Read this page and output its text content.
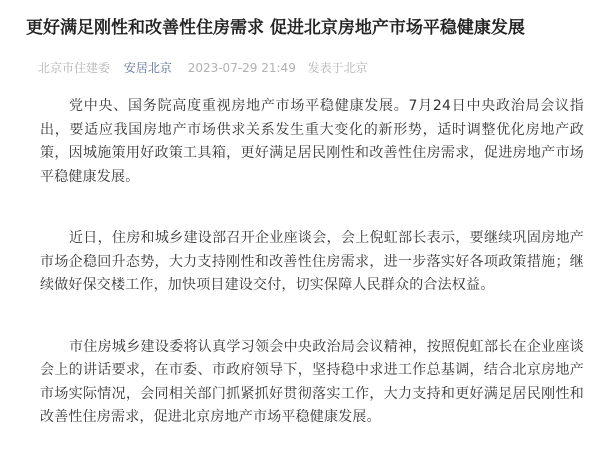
更好满足刚性和改善性住房需求 促进北京房地产市场平稳健康发展
北京市住建委 安居北京 2023-07-29 21:49 发表于北京

党中央、国务院高度重视房地产市场平稳健康发展。7月24日中央政治局会议指出，要适应我国房地产市场供求关系发生重大变化的新形势，适时调整优化房地产政策，因城施策用好政策工具箱，更好满足居民刚性和改善性住房需求，促进房地产市场平稳健康发展。

近日，住房和城乡建设部召开企业座谈会，会上倪虹部长表示，要继续巩固房地产市场企稳回升态势，大力支持刚性和改善性住房需求，进一步落实好各项政策措施；继续做好保交楼工作，加快项目建设交付，切实保障人民群众的合法权益。

市住房城乡建设委将认真学习领会中央政治局会议精神，按照倪虹部长在企业座谈会上的讲话要求，在市委、市政府领导下，坚持稳中求进工作总基调，结合北京房地产市场实际情况，会同相关部门抓紧抓好贯彻落实工作，大力支持和更好满足居民刚性和改善性住房需求，促进北京房地产市场平稳健康发展。
